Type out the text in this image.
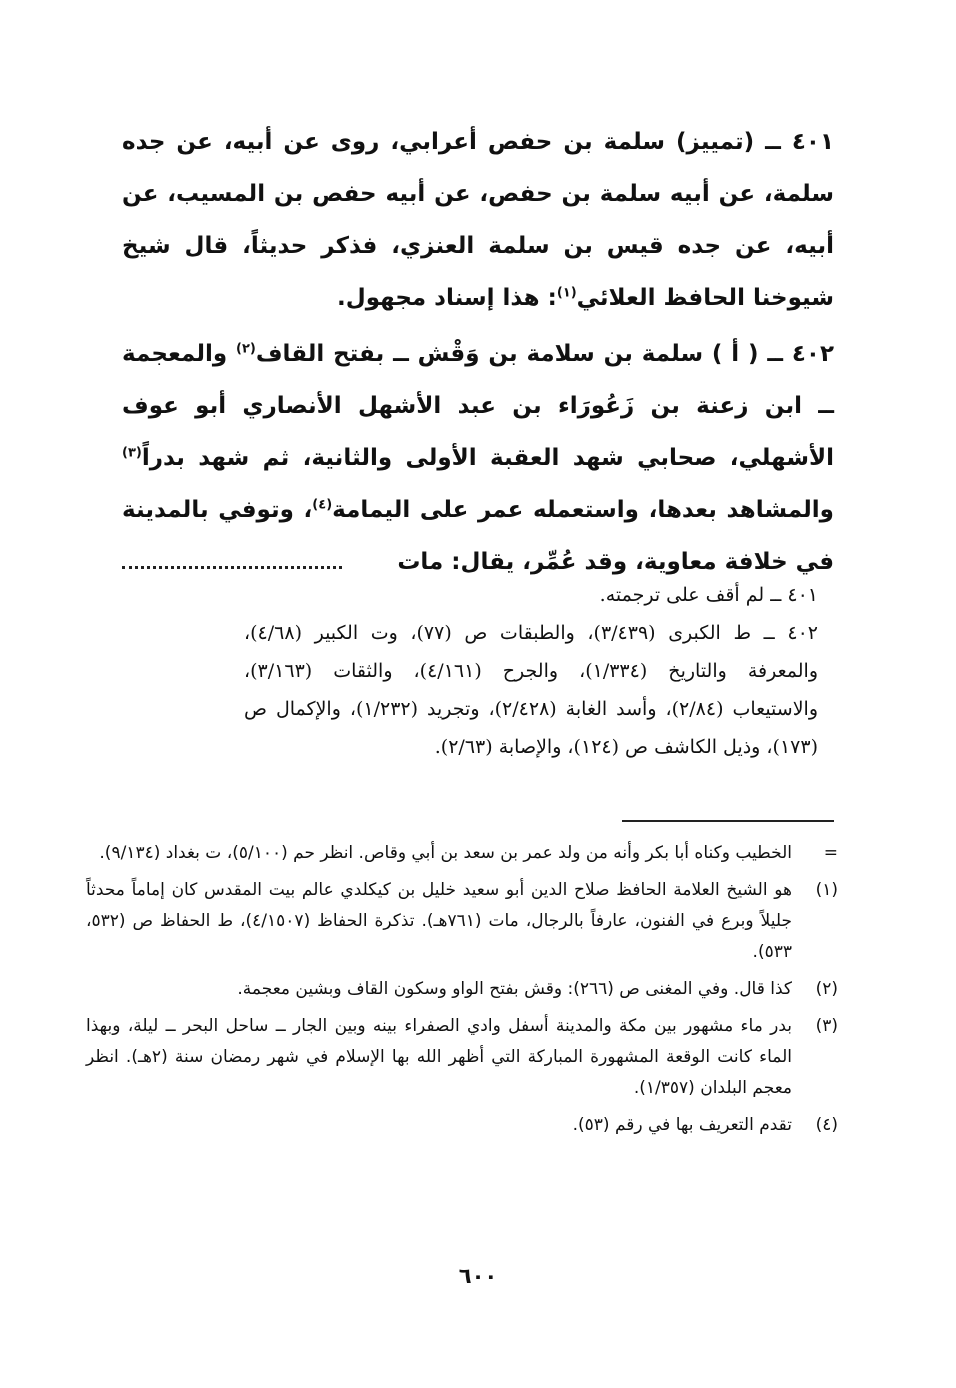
٤٠١ ــ (تمييز) سلمة بن حفص أعرابي، روى عن أبيه، عن جده سلمة، عن أبيه سلمة بن حفص، عن أبيه حفص بن المسيب، عن أبيه، عن جده قيس بن سلمة العنزي، فذكر حديثاً، قال شيخ شيوخنا الحافظ العلائي$^{(١)}$: هذا إسناد مجهول.

٤٠٢ ــ ( أ ) سلمة بن سلامة بن وَقْش ــ بفتح القاف$^{(٢)}$ والمعجمة ــ ابن زعنة بن زَعُورَاء بن عبد الأشهل الأنصاري أبو عوف الأشهلي، صحابي شهد العقبة الأولى والثانية، ثم شهد بدراً$^{(٣)}$ والمشاهد بعدها، واستعمله عمر على اليمامة$^{(٤)}$، وتوفي بالمدينة في خلافة معاوية، وقد عُمِّر، يقال: مات

٤٠١ ــ لم أقف على ترجمته.

٤٠٢ ــ ط الكبرى (٣/٤٣٩)، والطبقات ص (٧٧)، وت الكبير (٤/٦٨)، والمعرفة والتاريخ (١/٣٣٤)، والجرح (٤/١٦١)، والثقات (٣/١٦٣)، والاستيعاب (٢/٨٤)، وأسد الغابة (٢/٤٢٨)، وتجريد (١/٢٣٢)، والإكمال ص (١٧٣)، وذيل الكاشف ص (١٢٤)، والإصابة (٢/٦٣).

=
الخطيب وكناه أبا بكر وأنه من ولد عمر بن سعد بن أبي وقاص. انظر حم (٥/١٠٠)، ت بغداد (٩/١٣٤).
(١)
هو الشيخ العلامة الحافظ صلاح الدين أبو سعيد خليل بن كيكلدي عالم بيت المقدس كان إماماً محدثاً جليلاً وبرع في الفنون، عارفاً بالرجال، مات (٧٦١هـ). تذكرة الحفاظ (٤/١٥٠٧)، ط الحفاظ ص (٥٣٢، ٥٣٣).
(٢)
كذا قال. وفي المغنى ص (٢٦٦): وقش بفتح الواو وسكون القاف وبشين معجمة.
(٣)
بدر ماء مشهور بين مكة والمدينة أسفل وادي الصفراء بينه وبين الجار ــ ساحل البحر ــ ليلة، وبهذا الماء كانت الوقعة المشهورة المباركة التي أظهر الله بها الإسلام في شهر رمضان سنة (٢هـ). انظر معجم البلدان (١/٣٥٧).
(٤)
تقدم التعريف بها في رقم (٥٣).
٦٠٠
